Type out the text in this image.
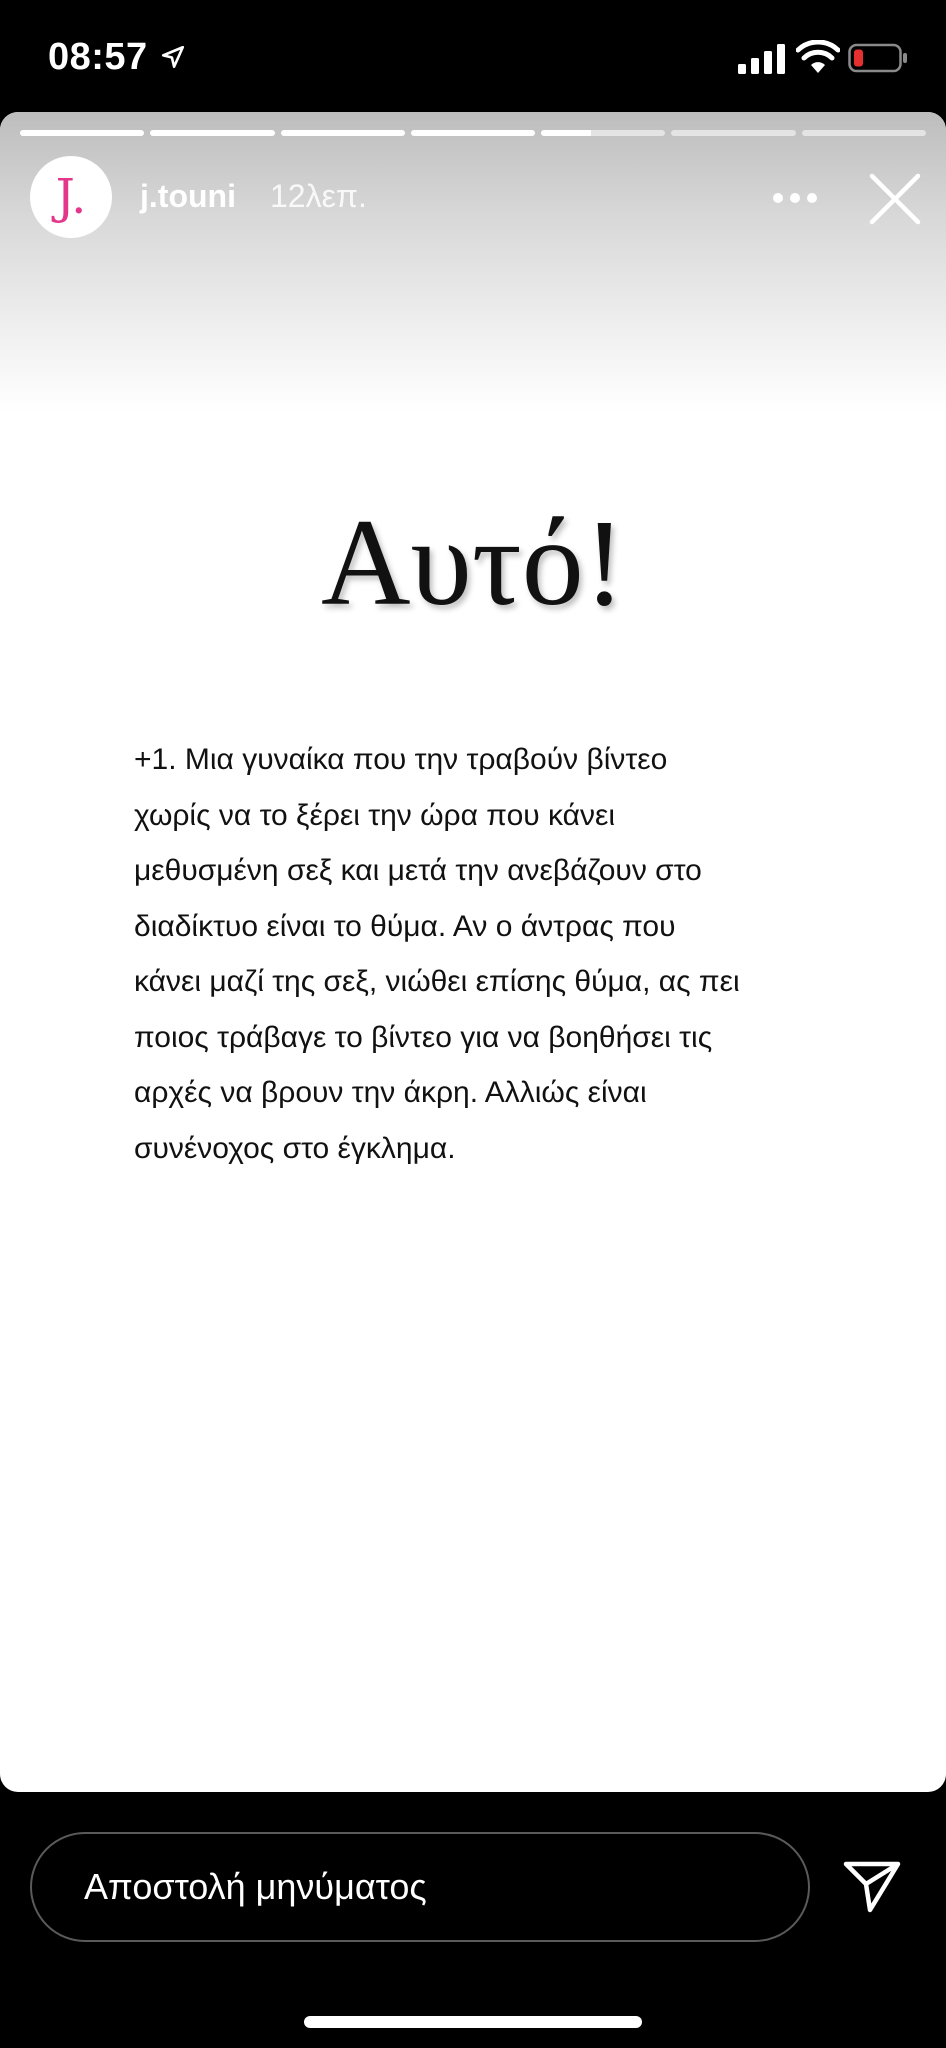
08:57
J. j.touni 12λεπ.
Αυτό!
+1. Μια γυναίκα που την τραβούν βίντεο
χωρίς να το ξέρει την ώρα που κάνει
μεθυσμένη σεξ και μετά την ανεβάζουν στο
διαδίκτυο είναι το θύμα. Αν ο άντρας που
κάνει μαζί της σεξ, νιώθει επίσης θύμα, ας πει
ποιος τράβαγε το βίντεο για να βοηθήσει τις
αρχές να βρουν την άκρη. Αλλιώς είναι
συνένοχος στο έγκλημα.
Αποστολή μηνύματος
